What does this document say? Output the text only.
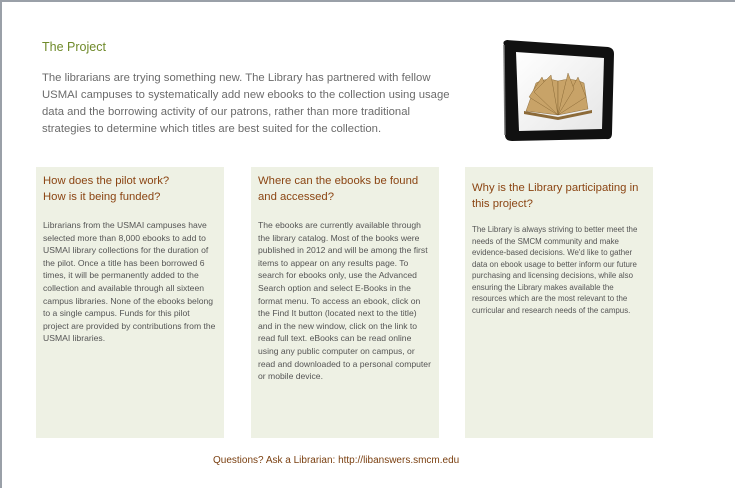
The Project
The librarians are trying something new. The Library has partnered with fellow USMAI campuses to systematically add new ebooks to the collection using usage data and the borrowing activity of our patrons, rather than more traditional strategies to determine which titles are best suited for the collection.
How does the pilot work?
How is it being funded?

Librarians from the USMAI campuses have selected more than 8,000 ebooks to add to USMAI library collections for the duration of the pilot. Once a title has been borrowed 6 times, it will be permanently added to the collection and available through all sixteen campus libraries. None of the ebooks belong to a single campus. Funds for this pilot project are provided by contributions from the USMAI libraries.

Where can the ebooks be found
and accessed?

The ebooks are currently available through the library catalog. Most of the books were published in 2012 and will be among the first items to appear on any results page. To search for ebooks only, use the Advanced Search option and select E-Books in the format menu. To access an ebook, click on the Find It button (located next to the title) and in the new window, click on the link to read full text. eBooks can be read online using any public computer on campus, or read and downloaded to a personal computer or mobile device.

Why is the Library participating in
this project?

The Library is always striving to better meet the needs of the SMCM community and make evidence-based decisions. We'd like to gather data on ebook usage to better inform our future purchasing and licensing decisions, while also ensuring the Library makes available the resources which are the most relevant to the curricular and research needs of the campus.

Questions? Ask a Librarian: http://libanswers.smcm.edu
